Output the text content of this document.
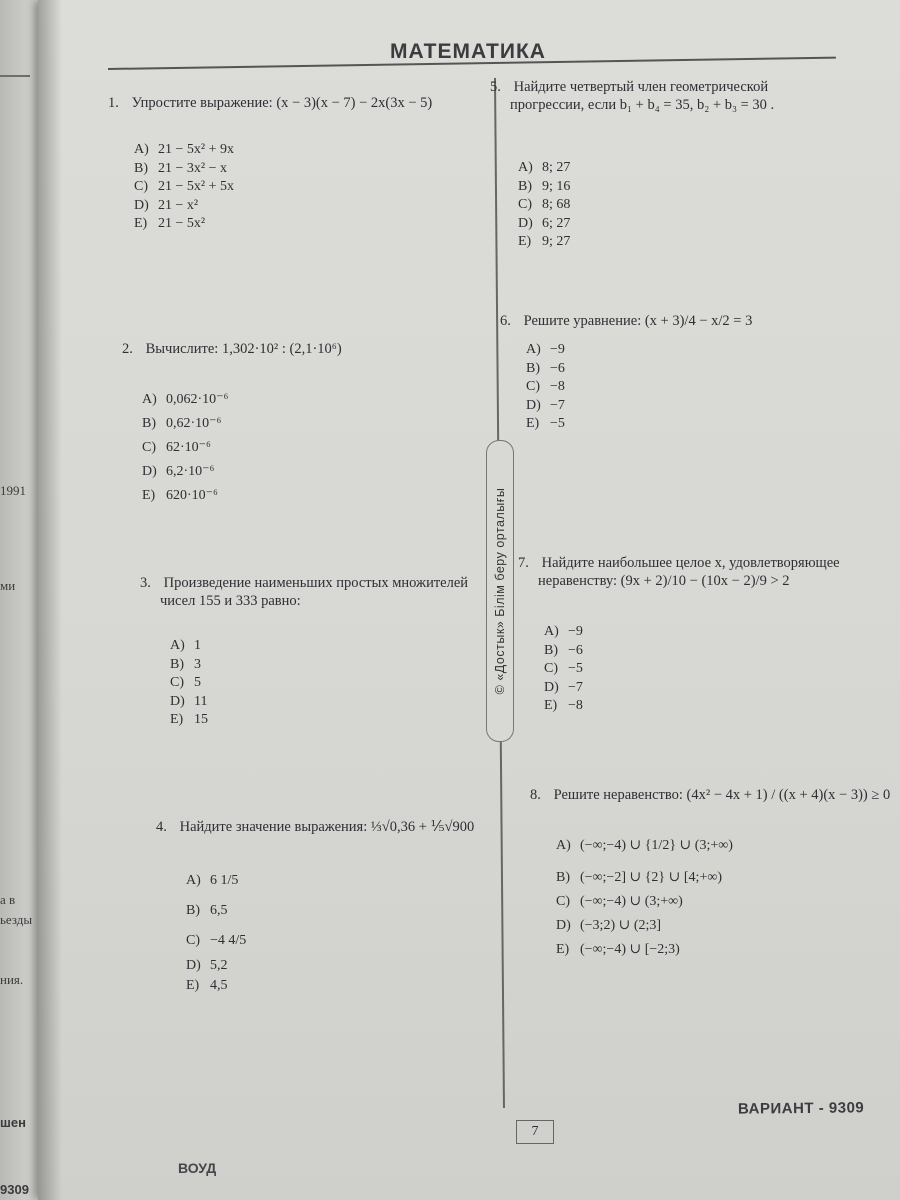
1991
ми
а в
ьезды
ния.
шен
9309
МАТЕМАТИКА
1. Упростите выражение: (x − 3)(x − 7) − 2x(3x − 5)
A) 21 − 5x² + 9x
B) 21 − 3x² − x
C) 21 − 5x² + 5x
D) 21 − x²
E) 21 − 5x²
2. Вычислите: 1,302·10² : (2,1·10⁶)
A) 0,062·10⁻⁶
B) 0,62·10⁻⁶
C) 62·10⁻⁶
D) 6,2·10⁻⁶
E) 620·10⁻⁶
3. Произведение наименьших простых множителей
чисел 155 и 333 равно:
A) 1
B) 3
C) 5
D) 11
E) 15
4. Найдите значение выражения: ⅓√0,36 + ⅕√900
A) 6 1/5
B) 6,5
C) −4 4/5
D) 5,2
E) 4,5
5. Найдите четвертый член геометрической
прогрессии, если b₁ + b₄ = 35, b₂ + b₃ = 30 .
A) 8; 27
B) 9; 16
C) 8; 68
D) 6; 27
E) 9; 27
6. Решите уравнение: (x + 3)/4 − x/2 = 3
A) −9
B) −6
C) −8
D) −7
E) −5
© «Достык» Білім беру орталығы 7. Найдите наибольшее целое x, удовлетворяющее
неравенству: (9x + 2)/10 − (10x − 2)/9 > 2
A) −9
B) −6
C) −5
D) −7
E) −8
8. Решите неравенство: (4x² − 4x + 1) / ((x + 4)(x − 3)) ≥ 0
A) (−∞;−4) ∪ {1/2} ∪ (3;+∞)
B) (−∞;−2] ∪ {2} ∪ [4;+∞)
C) (−∞;−4) ∪ (3;+∞)
D) (−3;2) ∪ (2;3]
E) (−∞;−4) ∪ [−2;3)
7
ВАРИАНТ - 9309
ВОУД
